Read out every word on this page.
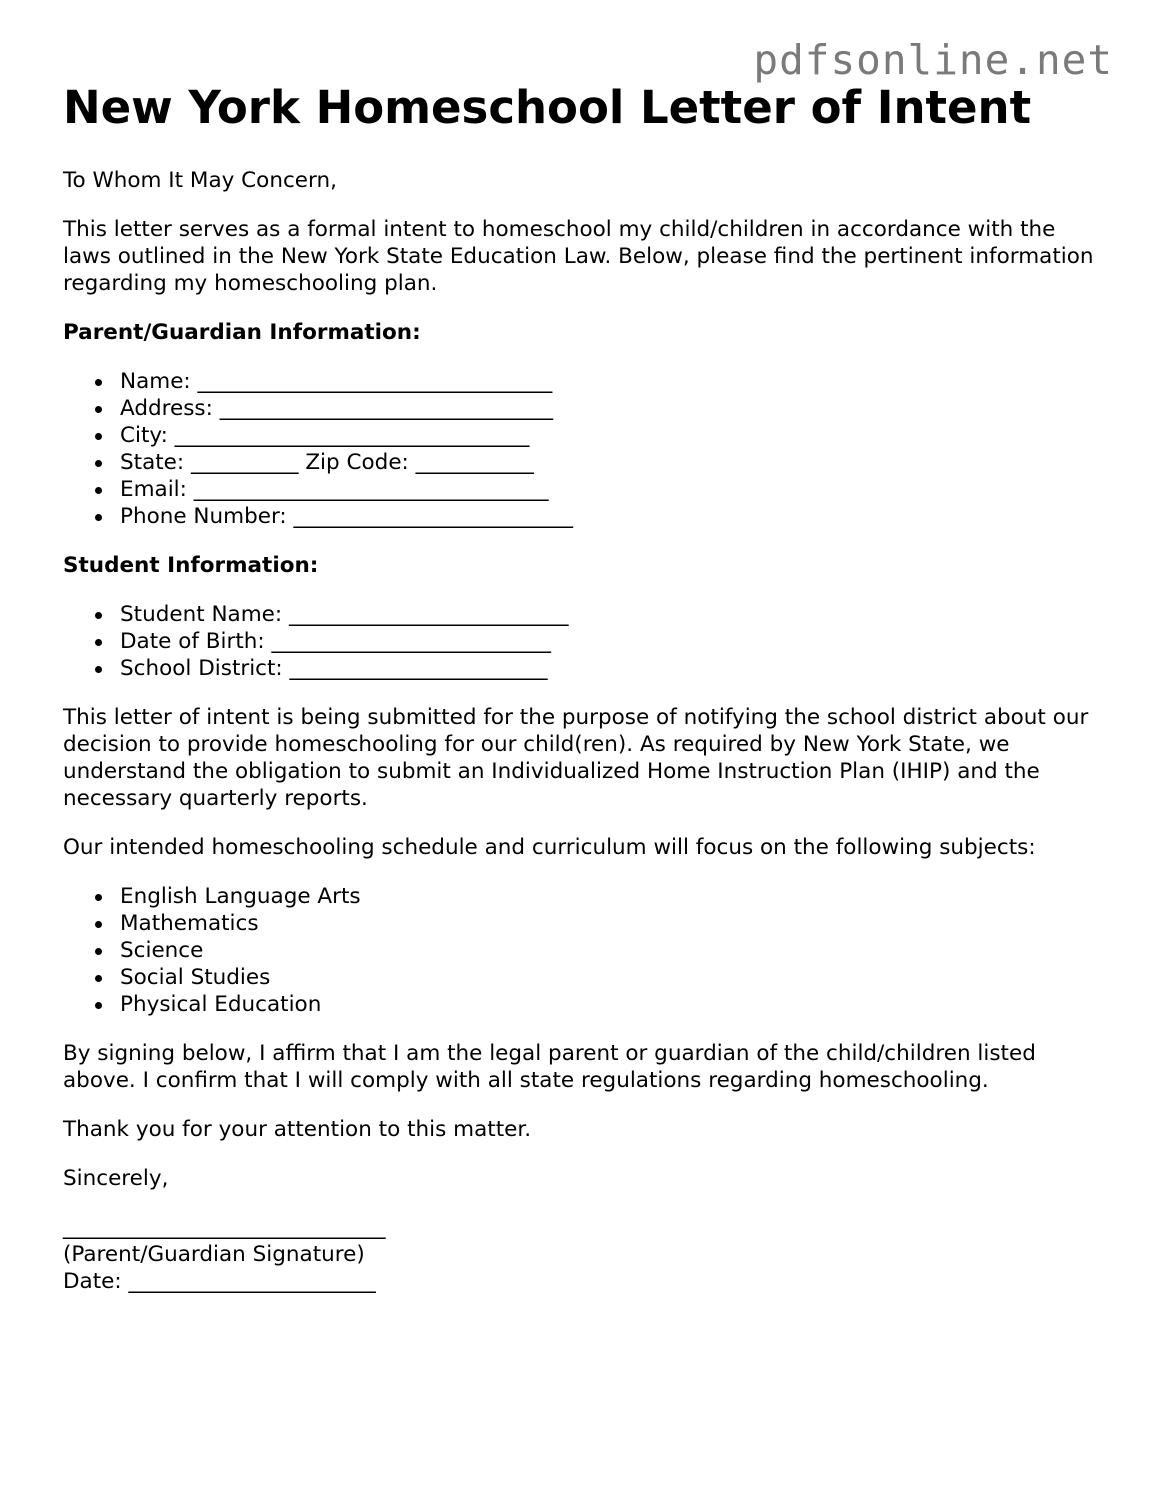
pdfsonline.net
New York Homeschool Letter of Intent

To Whom It May Concern,

This letter serves as a formal intent to homeschool my child/children in accordance with the laws outlined in the New York State Education Law. Below, please find the pertinent information regarding my homeschooling plan.

Parent/Guardian Information:

Name: _________________________________
Address: _______________________________
City: _________________________________
State: __________ Zip Code: ___________
Email: _________________________________
Phone Number: __________________________

Student Information:

Student Name: __________________________
Date of Birth: __________________________
School District: ________________________

This letter of intent is being submitted for the purpose of notifying the school district about our decision to provide homeschooling for our child(ren). As required by New York State, we understand the obligation to submit an Individualized Home Instruction Plan (IHIP) and the necessary quarterly reports.

Our intended homeschooling schedule and curriculum will focus on the following subjects:

English Language Arts
Mathematics
Science
Social Studies
Physical Education

By signing below, I affirm that I am the legal parent or guardian of the child/children listed above. I confirm that I will comply with all state regulations regarding homeschooling.

Thank you for your attention to this matter.

Sincerely,

______________________________

(Parent/Guardian Signature)

Date: _______________________
